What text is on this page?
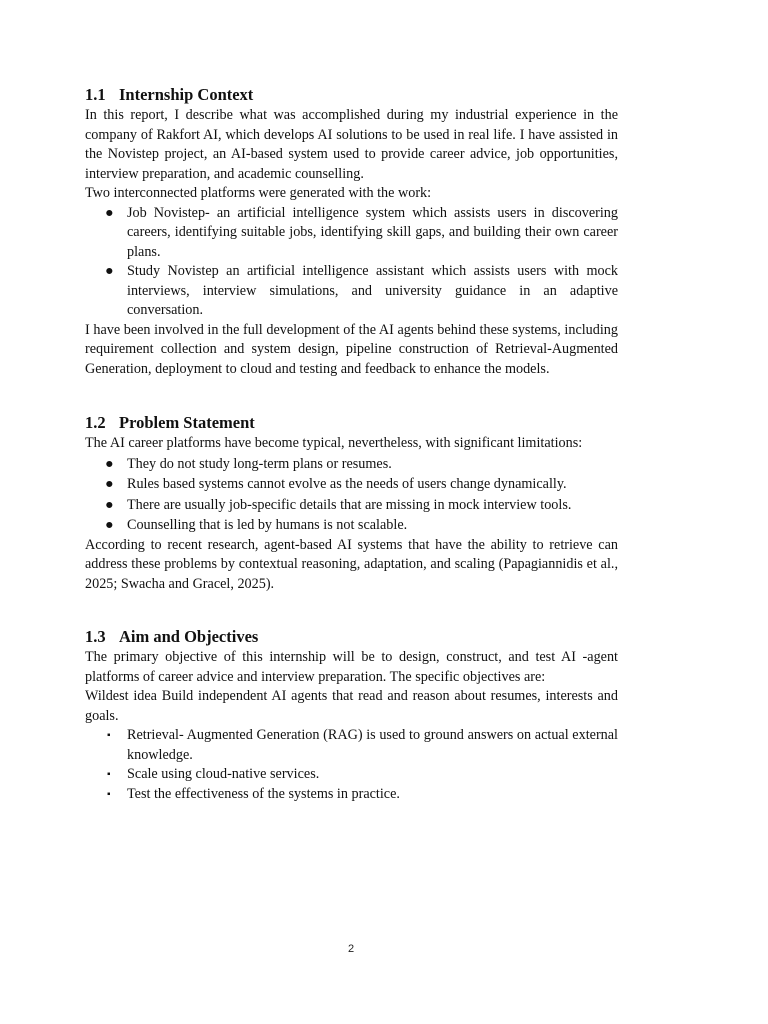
1.1 Internship Context

In this report, I describe what was accomplished during my industrial experience in the company of Rakfort AI, which develops AI solutions to be used in real life. I have assisted in the Novistep project, an AI-based system used to provide career advice, job opportunities, interview preparation, and academic counselling.

Two interconnected platforms were generated with the work:

● Job Novistep- an artificial intelligence system which assists users in discovering careers, identifying suitable jobs, identifying skill gaps, and building their own career plans.
● Study Novistep an artificial intelligence assistant which assists users with mock interviews, interview simulations, and university guidance in an adaptive conversation.

I have been involved in the full development of the AI agents behind these systems, including requirement collection and system design, pipeline construction of Retrieval-Augmented Generation, deployment to cloud and testing and feedback to enhance the models.

1.2 Problem Statement

The AI career platforms have become typical, nevertheless, with significant limitations:

● They do not study long-term plans or resumes.
● Rules based systems cannot evolve as the needs of users change dynamically.
● There are usually job-specific details that are missing in mock interview tools.
● Counselling that is led by humans is not scalable.

According to recent research, agent-based AI systems that have the ability to retrieve can address these problems by contextual reasoning, adaptation, and scaling (Papagiannidis et al., 2025; Swacha and Gracel, 2025).

1.3 Aim and Objectives

The primary objective of this internship will be to design, construct, and test AI -agent platforms of career advice and interview preparation. The specific objectives are:

Wildest idea Build independent AI agents that read and reason about resumes, interests and goals.

▪ Retrieval- Augmented Generation (RAG) is used to ground answers on actual external knowledge.
▪ Scale using cloud-native services.
▪ Test the effectiveness of the systems in practice.
2
